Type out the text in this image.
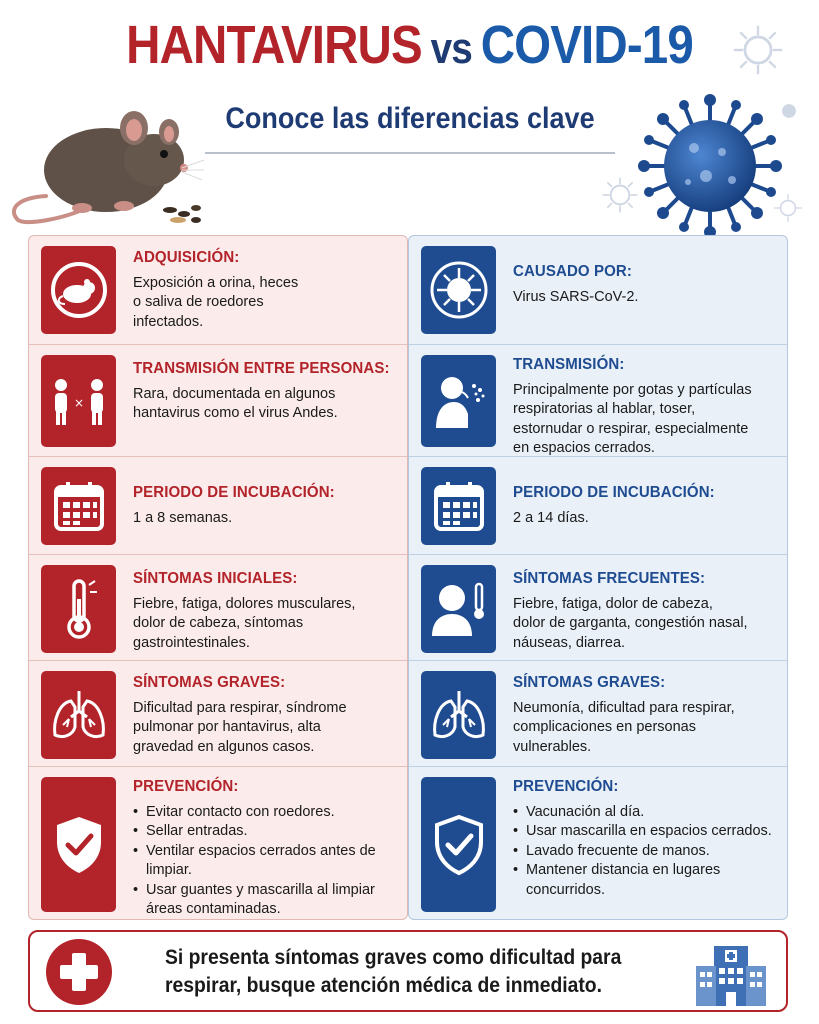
HANTAVIRUS vs COVID-19
Conoce las diferencias clave
ADQUISICIÓN:
Exposición a orina, heces
o saliva de roedores
infectados.
×
TRANSMISIÓN ENTRE PERSONAS:
Rara, documentada en algunos
hantavirus como el virus Andes.
PERIODO DE INCUBACIÓN:
1 a 8 semanas.
SÍNTOMAS INICIALES:
Fiebre, fatiga, dolores musculares,
dolor de cabeza, síntomas
gastrointestinales.
SÍNTOMAS GRAVES:
Dificultad para respirar, síndrome
pulmonar por hantavirus, alta
gravedad en algunos casos.
PREVENCIÓN:
• Evitar contacto con roedores.
• Sellar entradas.
• Ventilar espacios cerrados antes de limpiar.
• Usar guantes y mascarilla al limpiar áreas contaminadas.
CAUSADO POR:
Virus SARS-CoV-2.
TRANSMISIÓN:
Principalmente por gotas y partículas
respiratorias al hablar, toser,
estornudar o respirar, especialmente
en espacios cerrados.
PERIODO DE INCUBACIÓN:
2 a 14 días.
SÍNTOMAS FRECUENTES:
Fiebre, fatiga, dolor de cabeza,
dolor de garganta, congestión nasal,
náuseas, diarrea.
SÍNTOMAS GRAVES:
Neumonía, dificultad para respirar,
complicaciones en personas
vulnerables.
PREVENCIÓN:
• Vacunación al día.
• Usar mascarilla en espacios cerrados.
• Lavado frecuente de manos.
• Mantener distancia en lugares concurridos.
Si presenta síntomas graves como dificultad para respirar, busque atención médica de inmediato.
